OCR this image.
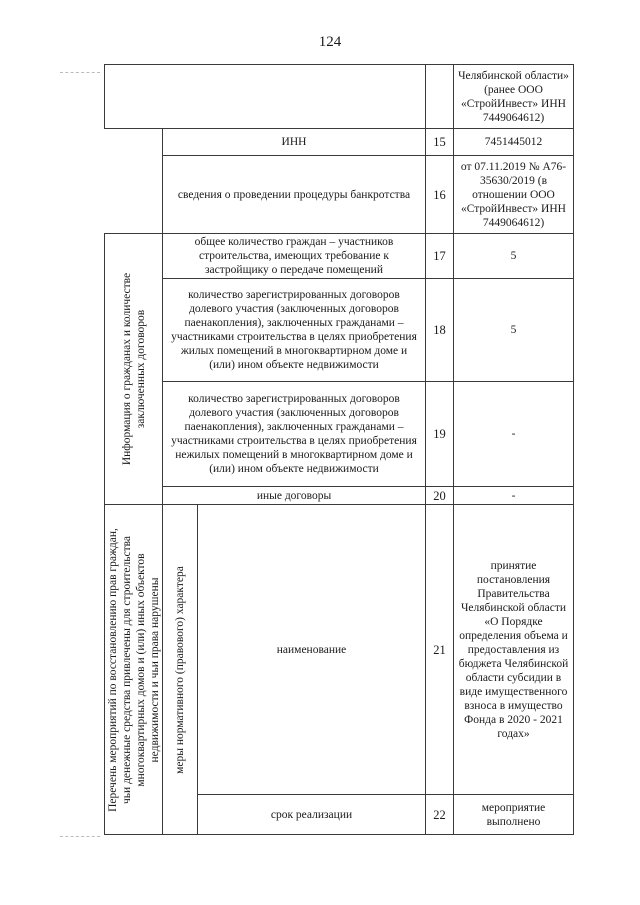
124
				Челябинской области» (ранее ООО «СтройИнвест» ИНН 7449064612)
	ИНН		15	7451445012
	сведения о проведении процедуры банкротства		16	от 07.11.2019 № А76-35630/2019 (в отношении ООО «СтройИнвест» ИНН 7449064612)

Информация о гражданах и количестве заключенных договоров	общее количество граждан – участников строительства, имеющих требование к застройщику о передаче помещений		17	5
	количество зарегистрированных договоров долевого участия (заключенных договоров паенакопления), заключенных гражданами – участниками строительства в целях приобретения жилых помещений в многоквартирном доме и (или) ином объекте недвижимости		18	5
	количество зарегистрированных договоров долевого участия (заключенных договоров паенакопления), заключенных гражданами – участниками строительства в целях приобретения нежилых помещений в многоквартирном доме и (или) ином объекте недвижимости		19	-
	иные договоры		20	-

Перечень мероприятий по восстановлению прав граждан, чьи денежные средства привлечены для строительства многоквартирных домов и (или) иных объектов недвижимости и чьи права нарушены	меры нормативного (правового) характера	наименование	21	принятие постановления Правительства Челябинской области «О Порядке определения объема и предоставления из бюджета Челябинской области субсидии в виде имущественного взноса в имущество Фонда в 2020 - 2021 годах»
		срок реализации	22	мероприятие выполнено
